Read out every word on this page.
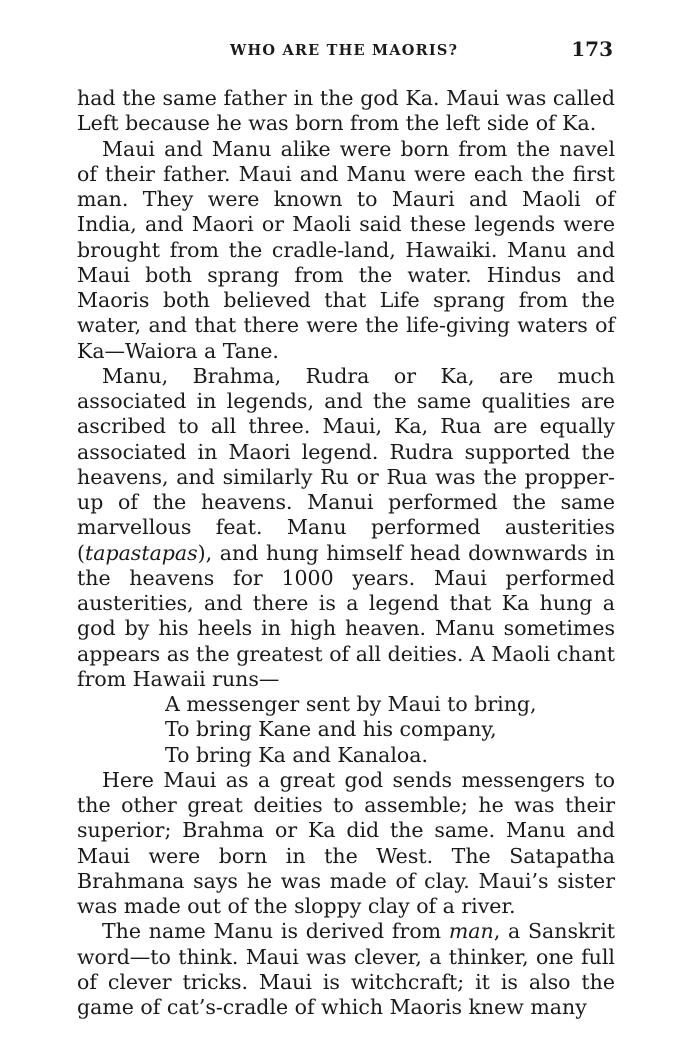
WHO ARE THE MAORIS?	173

had the same father in the god Ka. Maui was called Left because he was born from the left side of Ka.

Maui and Manu alike were born from the navel of their father. Maui and Manu were each the first man. They were known to Mauri and Maoli of India, and Maori or Maoli said these legends were brought from the cradle-land, Hawaiki. Manu and Maui both sprang from the water. Hindus and Maoris both believed that Life sprang from the water, and that there were the life-giving waters of Ka—Waiora a Tane.

Manu, Brahma, Rudra or Ka, are much associated in legends, and the same qualities are ascribed to all three. Maui, Ka, Rua are equally associated in Maori legend. Rudra supported the heavens, and similarly Ru or Rua was the propper-up of the heavens. Manui performed the same marvellous feat. Manu performed austerities (tapastapas), and hung himself head downwards in the heavens for 1000 years. Maui performed austerities, and there is a legend that Ka hung a god by his heels in high heaven. Manu sometimes appears as the greatest of all deities. A Maoli chant from Hawaii runs—

A messenger sent by Maui to bring,
To bring Kane and his company,
To bring Ka and Kanaloa.

Here Maui as a great god sends messengers to the other great deities to assemble; he was their superior; Brahma or Ka did the same. Manu and Maui were born in the West. The Satapatha Brahmana says he was made of clay. Maui’s sister was made out of the sloppy clay of a river.

The name Manu is derived from man, a Sanskrit word—to think. Maui was clever, a thinker, one full of clever tricks. Maui is witchcraft; it is also the game of cat’s-cradle of which Maoris knew many
